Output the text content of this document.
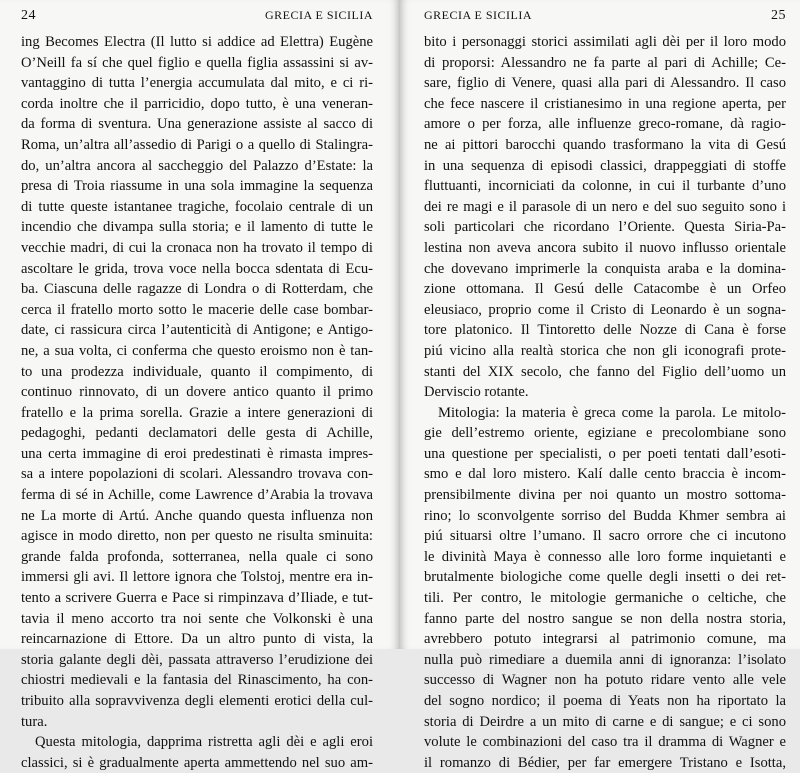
24	GRECIA E SICILIA
ing Becomes Electra (Il lutto si addice ad Elettra) Eugène
O’Neill fa sí che quel figlio e quella figlia assassini si av-
vantaggino di tutta l’energia accumulata dal mito, e ci ri-
corda inoltre che il parricidio, dopo tutto, è una veneran-
da forma di sventura. Una generazione assiste al sacco di
Roma, un’altra all’assedio di Parigi o a quello di Stalingra-
do, un’altra ancora al saccheggio del Palazzo d’Estate: la
presa di Troia riassume in una sola immagine la sequenza
di tutte queste istantanee tragiche, focolaio centrale di un
incendio che divampa sulla storia; e il lamento di tutte le
vecchie madri, di cui la cronaca non ha trovato il tempo di
ascoltare le grida, trova voce nella bocca sdentata di Ecu-
ba. Ciascuna delle ragazze di Londra o di Rotterdam, che
cerca il fratello morto sotto le macerie delle case bombar-
date, ci rassicura circa l’autenticità di Antigone; e Antigo-
ne, a sua volta, ci conferma che questo eroismo non è tan-
to una prodezza individuale, quanto il compimento, di
continuo rinnovato, di un dovere antico quanto il primo
fratello e la prima sorella. Grazie a intere generazioni di
pedagoghi, pedanti declamatori delle gesta di Achille,
una certa immagine di eroi predestinati è rimasta impres-
sa a intere popolazioni di scolari. Alessandro trovava con-
ferma di sé in Achille, come Lawrence d’Arabia la trovava
ne La morte di Artú. Anche quando questa influenza non
agisce in modo diretto, non per questo ne risulta sminuita:
grande falda profonda, sotterranea, nella quale ci sono
immersi gli avi. Il lettore ignora che Tolstoj, mentre era in-
tento a scrivere Guerra e Pace si rimpinzava d’Iliade, e tut-
tavia il meno accorto tra noi sente che Volkonski è una
reincarnazione di Ettore. Da un altro punto di vista, la
storia galante degli dèi, passata attraverso l’erudizione dei
chiostri medievali e la fantasia del Rinascimento, ha con-
tribuito alla sopravvivenza degli elementi erotici della cul-
tura.
Questa mitologia, dapprima ristretta agli dèi e agli eroi
classici, si è gradualmente aperta ammettendo nel suo am-
GRECIA E SICILIA	25
bito i personaggi storici assimilati agli dèi per il loro modo
di proporsi: Alessandro ne fa parte al pari di Achille; Ce-
sare, figlio di Venere, quasi alla pari di Alessandro. Il caso
che fece nascere il cristianesimo in una regione aperta, per
amore o per forza, alle influenze greco-romane, dà ragio-
ne ai pittori barocchi quando trasformano la vita di Gesú
in una sequenza di episodi classici, drappeggiati di stoffe
fluttuanti, incorniciati da colonne, in cui il turbante d’uno
dei re magi e il parasole di un nero e del suo seguito sono i
soli particolari che ricordano l’Oriente. Questa Siria-Pa-
lestina non aveva ancora subito il nuovo influsso orientale
che dovevano imprimerle la conquista araba e la domina-
zione ottomana. Il Gesú delle Catacombe è un Orfeo
eleusiaco, proprio come il Cristo di Leonardo è un sogna-
tore platonico. Il Tintoretto delle Nozze di Cana è forse
piú vicino alla realtà storica che non gli iconografi prote-
stanti del XIX secolo, che fanno del Figlio dell’uomo un
Derviscio rotante.
Mitologia: la materia è greca come la parola. Le mitolo-
gie dell’estremo oriente, egiziane e precolombiane sono
una questione per specialisti, o per poeti tentati dall’esoti-
smo e dal loro mistero. Kalí dalle cento braccia è incom-
prensibilmente divina per noi quanto un mostro sottoma-
rino; lo sconvolgente sorriso del Budda Khmer sembra ai
piú situarsi oltre l’umano. Il sacro orrore che ci incutono
le divinità Maya è connesso alle loro forme inquietanti e
brutalmente biologiche come quelle degli insetti o dei ret-
tili. Per contro, le mitologie germaniche o celtiche, che
fanno parte del nostro sangue se non della nostra storia,
avrebbero potuto integrarsi al patrimonio comune, ma
nulla può rimediare a duemila anni di ignoranza: l’isolato
successo di Wagner non ha potuto ridare vento alle vele
del sogno nordico; il poema di Yeats non ha riportato la
storia di Deirdre a un mito di carne e di sangue; e ci sono
volute le combinazioni del caso tra il dramma di Wagner e
il romanzo di Bédier, per far emergere Tristano e Isotta,
